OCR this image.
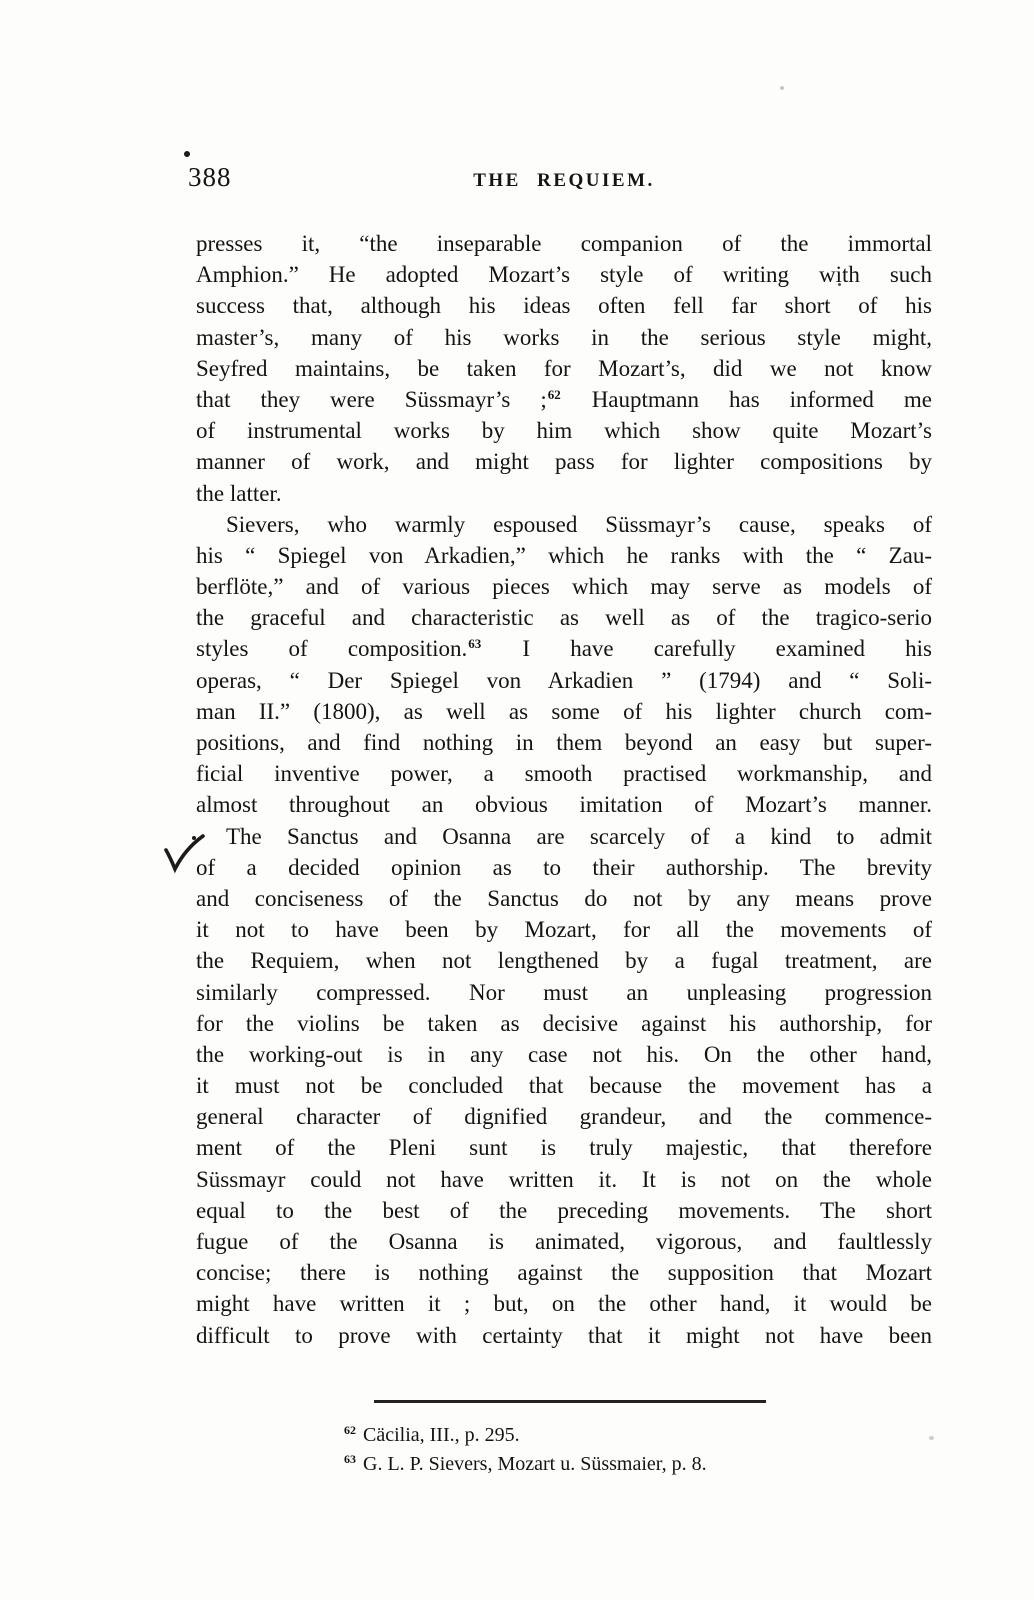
388	THE REQUIEM.
presses it, “the inseparable companion of the immortal
Amphion.” He adopted Mozart’s style of writing with such
success that, although his ideas often fell far short of his
master’s, many of his works in the serious style might,
Seyfred maintains, be taken for Mozart’s, did we not know
that they were Süssmayr’s ;$^{62}$ Hauptmann has informed me
of instrumental works by him which show quite Mozart’s
manner of work, and might pass for lighter compositions by
the latter.
Sievers, who warmly espoused Süssmayr’s cause, speaks of
his “ Spiegel von Arkadien,” which he ranks with the “ Zau-
berflöte,” and of various pieces which may serve as models of
the graceful and characteristic as well as of the tragico-serio
styles of composition.$^{63}$ I have carefully examined his
operas, “ Der Spiegel von Arkadien ” (1794) and “ Soli-
man II.” (1800), as well as some of his lighter church com-
positions, and find nothing in them beyond an easy but super-
ficial inventive power, a smooth practised workmanship, and
almost throughout an obvious imitation of Mozart’s manner.
The Sanctus and Osanna are scarcely of a kind to admit
of a decided opinion as to their authorship. The brevity
and conciseness of the Sanctus do not by any means prove
it not to have been by Mozart, for all the movements of
the Requiem, when not lengthened by a fugal treatment, are
similarly compressed. Nor must an unpleasing progression
for the violins be taken as decisive against his authorship, for
the working-out is in any case not his. On the other hand,
it must not be concluded that because the movement has a
general character of dignified grandeur, and the commence-
ment of the Pleni sunt is truly majestic, that therefore
Süssmayr could not have written it. It is not on the whole
equal to the best of the preceding movements. The short
fugue of the Osanna is animated, vigorous, and faultlessly
concise; there is nothing against the supposition that Mozart
might have written it ; but, on the other hand, it would be
difficult to prove with certainty that it might not have been
$^{62}$ Cäcilia, III., p. 295.
$^{63}$ G. L. P. Sievers, Mozart u. Süssmaier, p. 8.
